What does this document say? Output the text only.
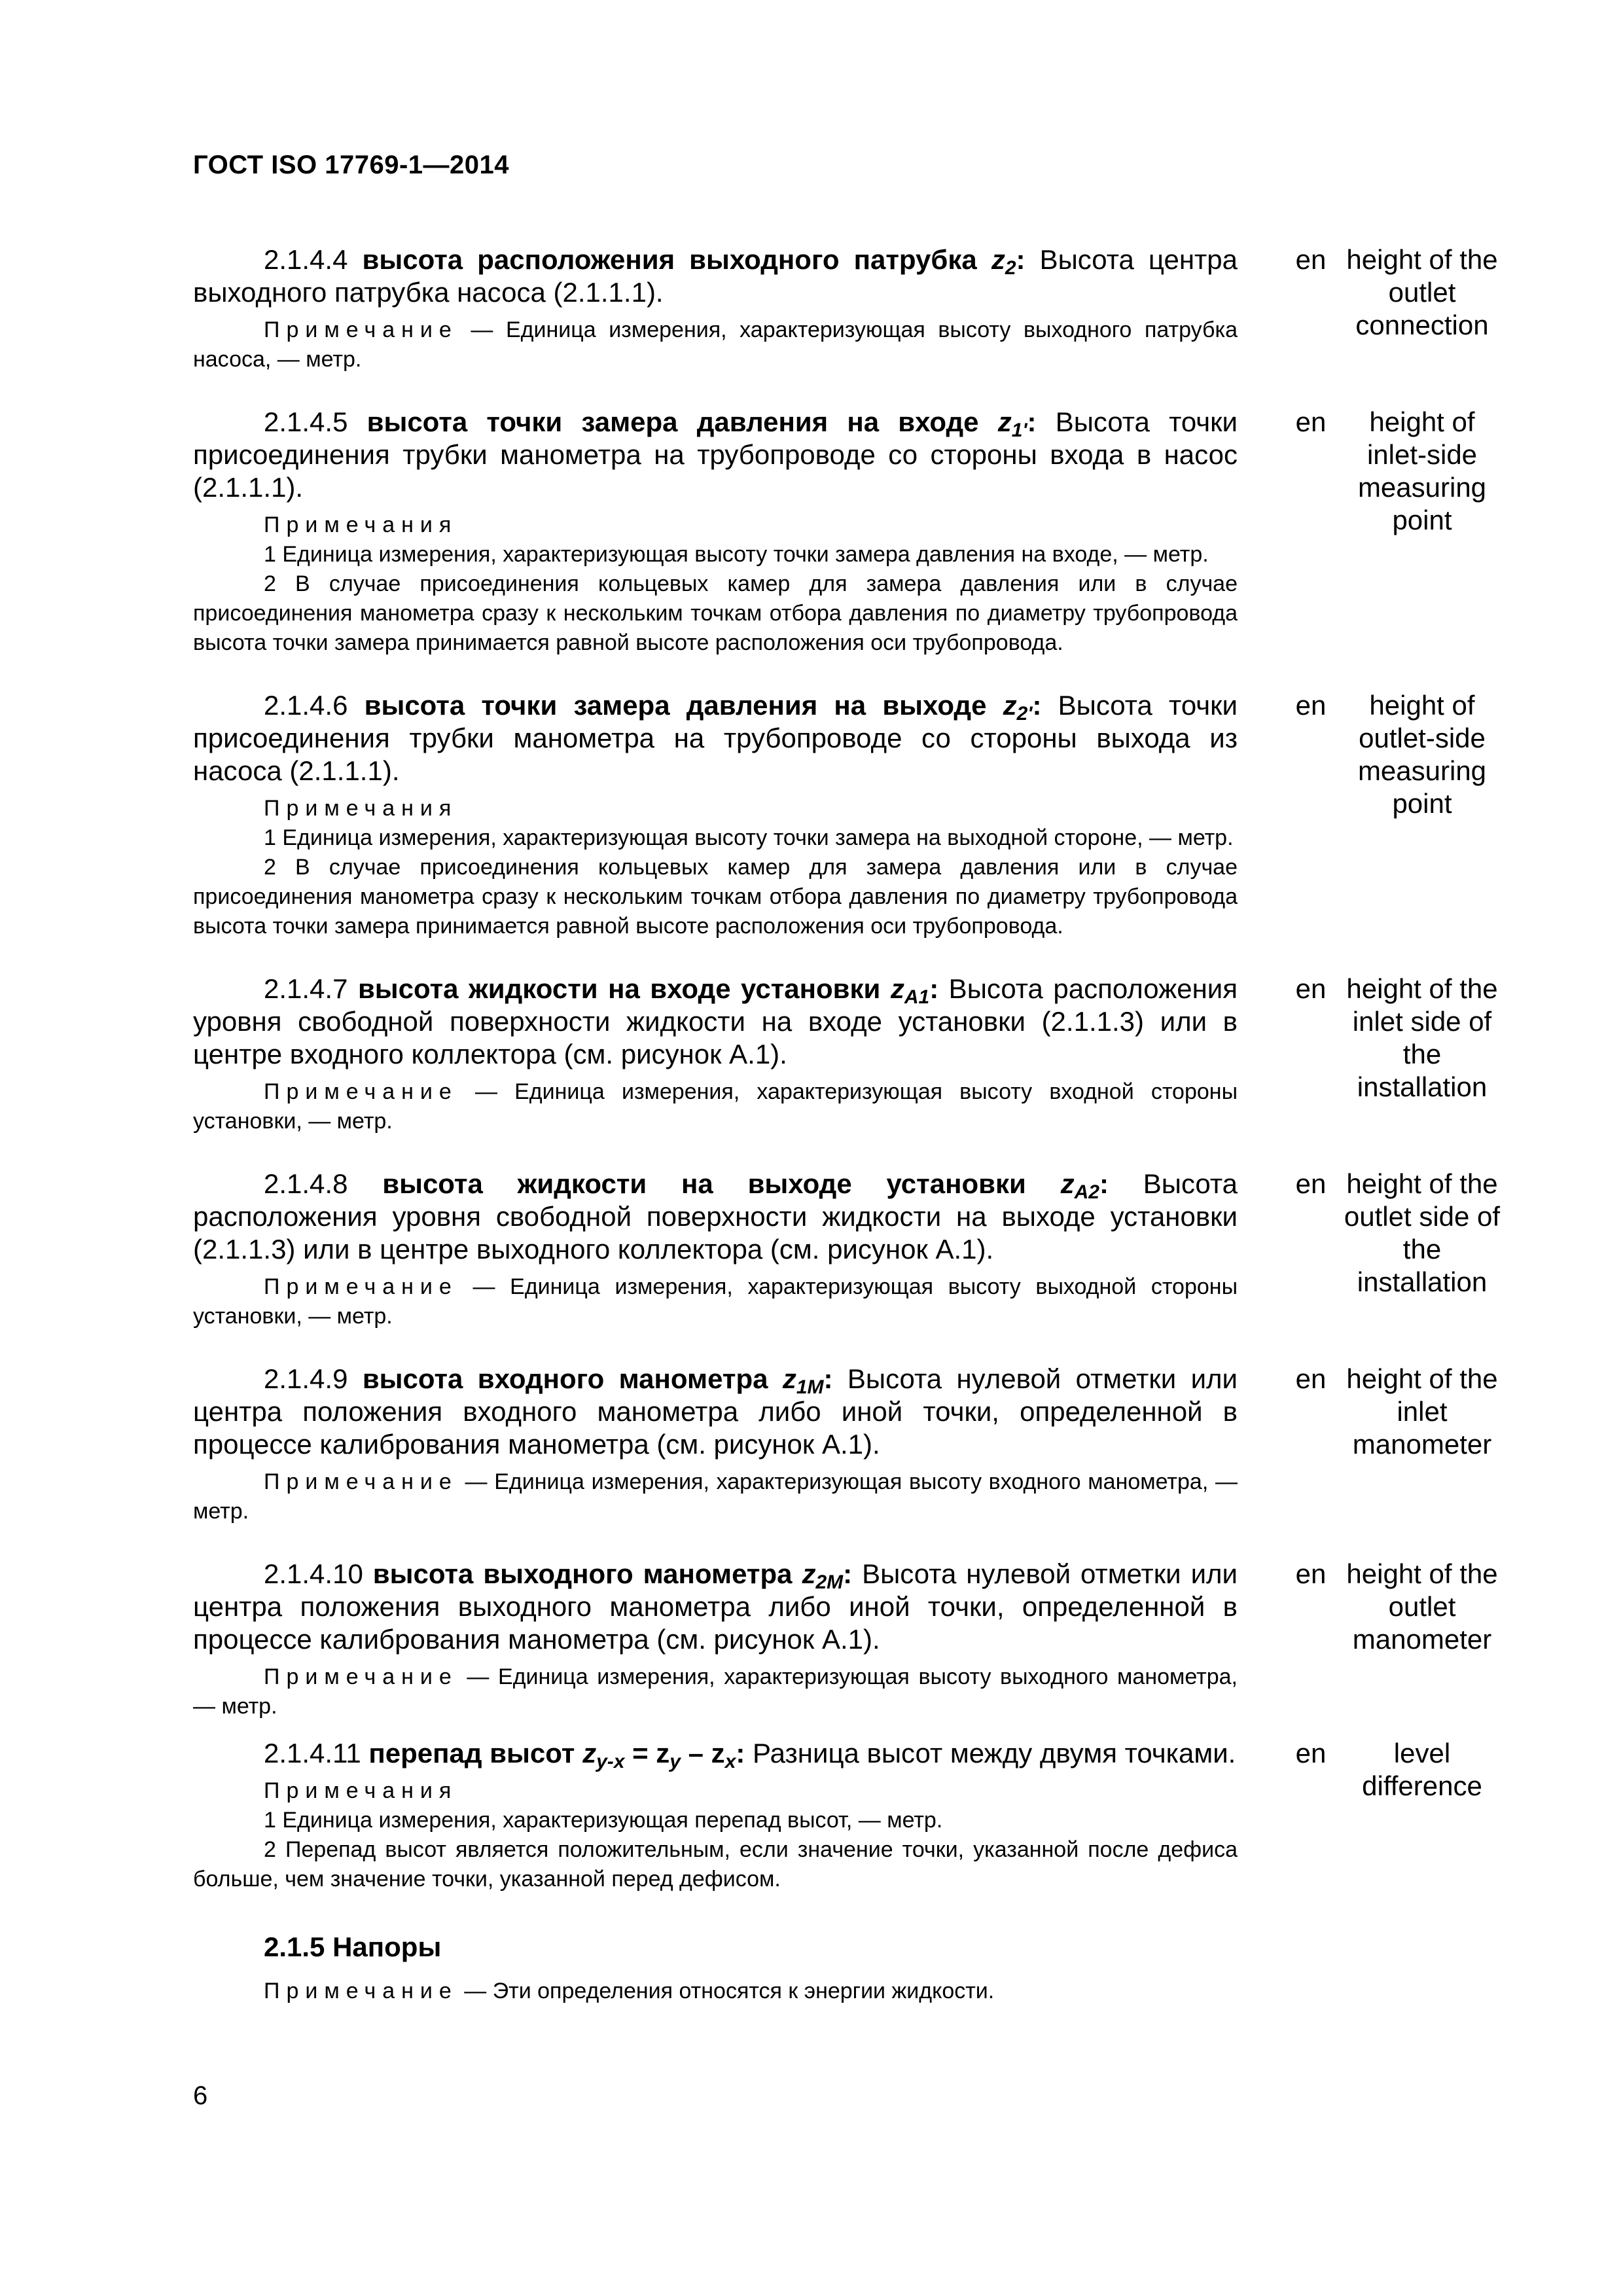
ГОСТ ISO 17769-1—2014

2.1.4.4 высота расположения выходного патрубка $z_2$: Высота центра выходного патрубка насоса (2.1.1.1).

Примечание — Единица измерения, характеризующая высоту выходного патрубка насоса, — метр.

en height of the outlet connection

2.1.4.5 высота точки замера давления на входе $z_{1'}$: Высота точки присоединения трубки манометра на трубопроводе со стороны входа в насос (2.1.1.1).

Примечания

1 Единица измерения, характеризующая высоту точки замера давления на входе, — метр.

2 В случае присоединения кольцевых камер для замера давления или в случае присоединения манометра сразу к нескольким точкам отбора давления по диаметру трубопровода высота точки замера принимается равной высоте расположения оси трубопровода.

en	height of inlet-side measuring point

2.1.4.6 высота точки замера давления на выходе $z_{2'}$: Высота точки присоединения трубки манометра на трубопроводе со стороны выхода из насоса (2.1.1.1).

Примечания

1 Единица измерения, характеризующая высоту точки замера на выходной стороне, — метр.

2 В случае присоединения кольцевых камер для замера давления или в случае присоединения манометра сразу к нескольким точкам отбора давления по диаметру трубопровода высота точки замера принимается равной высоте расположения оси трубопровода.

en	height of outlet-side measuring point

2.1.4.7 высота жидкости на входе установки $z_{A1}$: Высота расположения уровня свободной поверхности жидкости на входе установки (2.1.1.3) или в центре входного коллектора (см. рисунок А.1).

Примечание — Единица измерения, характеризующая высоту входной стороны установки, — метр.

en height of the inlet side of the installation

2.1.4.8 высота жидкости на выходе установки $z_{A2}$: Высота расположения уровня свободной поверхности жидкости на выходе установки (2.1.1.3) или в центре выходного коллектора (см. рисунок А.1).

Примечание — Единица измерения, характеризующая высоту выходной стороны установки, — метр.

en height of the outlet side of the installation

2.1.4.9 высота входного манометра $z_{1M}$: Высота нулевой отметки или центра положения входного манометра либо иной точки, определенной в процессе калибрования манометра (см. рисунок А.1).

Примечание — Единица измерения, характеризующая высоту входного манометра, — метр.

en height of the inlet manometer

2.1.4.10 высота выходного манометра $z_{2M}$: Высота нулевой отметки или центра положения выходного манометра либо иной точки, определенной в процессе калибрования манометра (см. рисунок А.1).

Примечание — Единица измерения, характеризующая высоту выходного манометра, — метр.

en height of the outlet manometer

2.1.4.11 перепад высот $z_{y-x} = z_y - z_x$: Разница высот между двумя точками.

Примечания

1 Единица измерения, характеризующая перепад высот, — метр.

2 Перепад высот является положительным, если значение точки, указанной после дефиса больше, чем значение точки, указанной перед дефисом.

en	level difference
2.1.5 Напоры
Примечание — Эти определения относятся к энергии жидкости.
6
